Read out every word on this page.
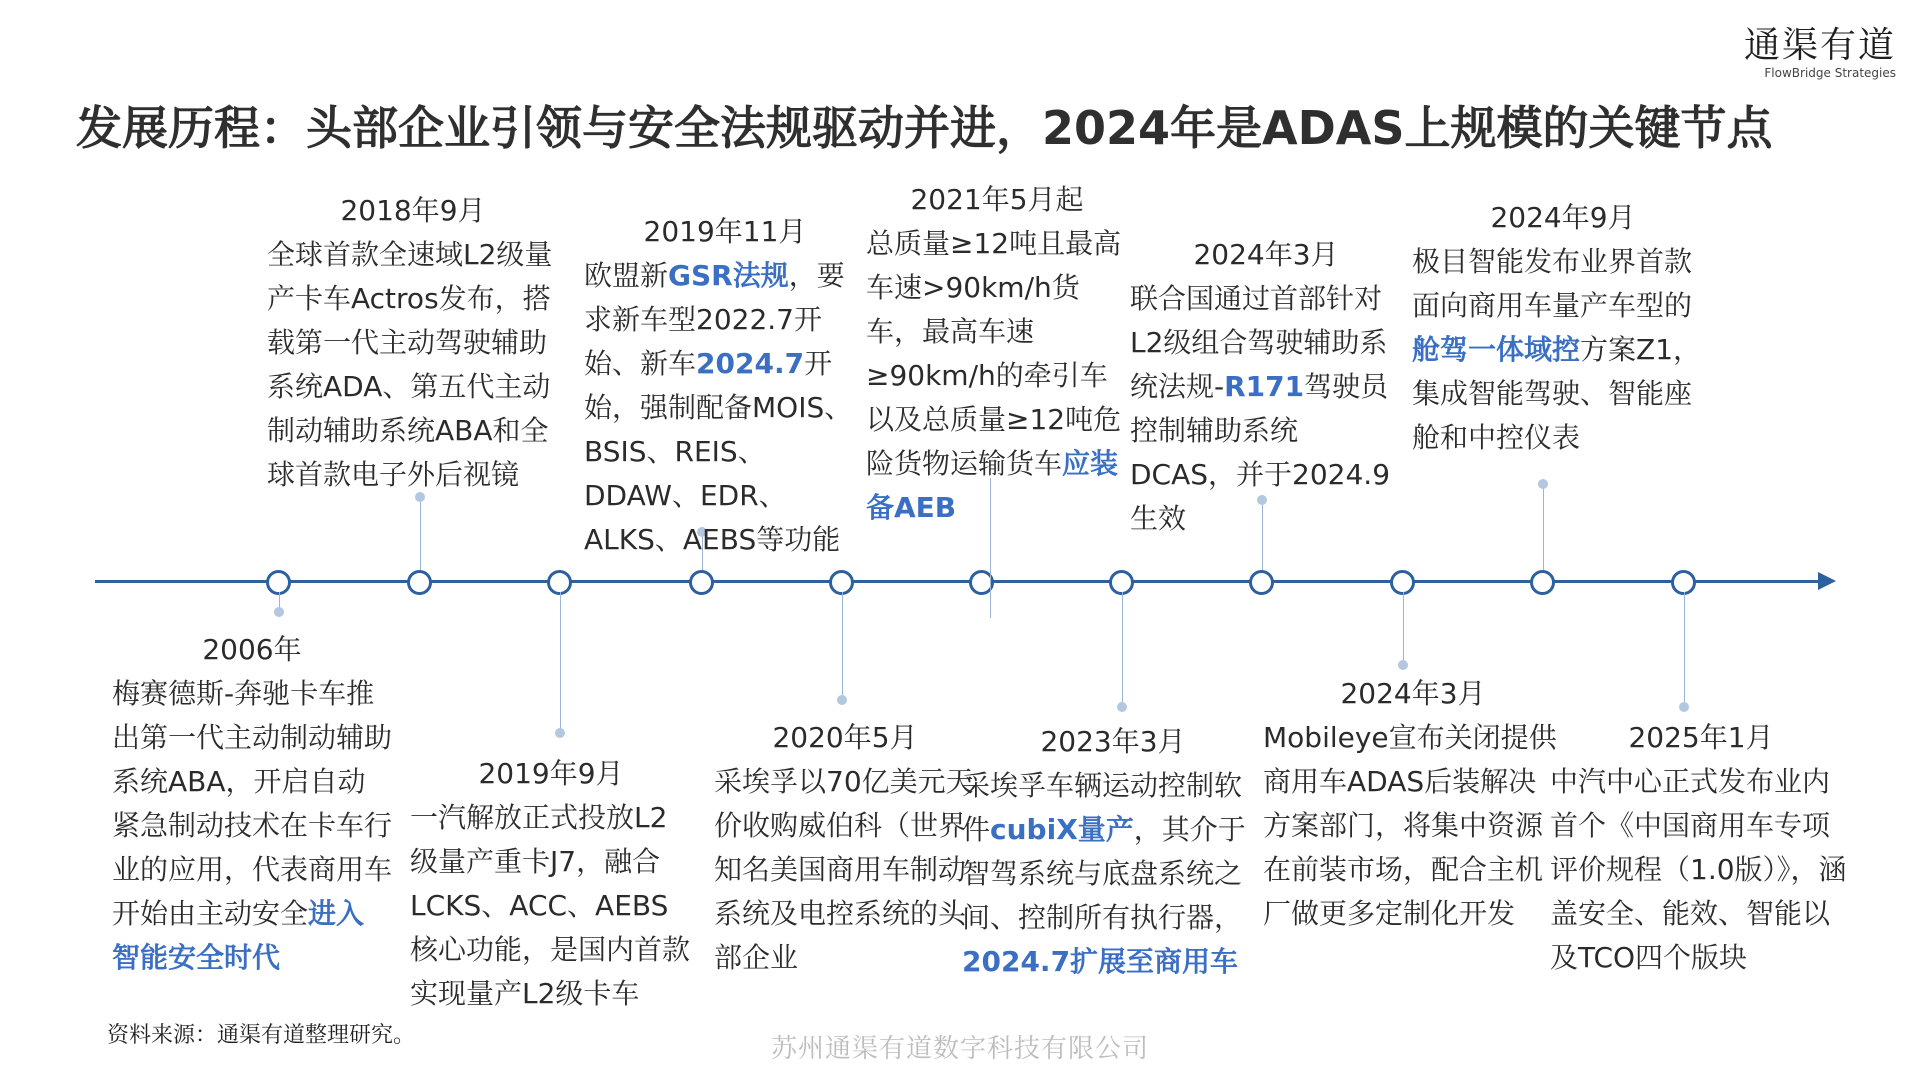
通渠有道
FlowBridge Strategies
发展历程：头部企业引领与安全法规驱动并进，2024年是ADAS上规模的关键节点
2006年
梅赛德斯-奔驰卡车推出第一代主动制动辅助系统ABA，开启自动紧急制动技术在卡车行业的应用，代表商用车开始由主动安全进入智能安全时代
2018年9月
全球首款全速域L2级量产卡车Actros发布，搭载第一代主动驾驶辅助系统ADA、第五代主动制动辅助系统ABA和全球首款电子外后视镜
2019年9月
一汽解放正式投放L2级量产重卡J7，融合LCKS、ACC、AEBS核心功能，是国内首款实现量产L2级卡车
2019年11月
欧盟新GSR法规，要求新车型2022.7开始、新车2024.7开始，强制配备MOIS、BSIS、REIS、DDAW、EDR、ALKS、AEBS等功能
2020年5月
采埃孚以70亿美元天价收购威伯科（世界知名美国商用车制动系统及电控系统的头部企业
2021年5月起
总质量≥12吨且最高车速>90km/h货车，最高车速≥90km/h的牵引车以及总质量≥12吨危险货物运输货车应装备AEB
2023年3月
采埃孚车辆运动控制软件cubiX量产，其介于智驾系统与底盘系统之间、控制所有执行器，2024.7扩展至商用车
2024年3月
联合国通过首部针对L2级组合驾驶辅助系统法规-R171驾驶员控制辅助系统DCAS，并于2024.9生效
2024年3月
Mobileye宣布关闭提供商用车ADAS后装解决方案部门，将集中资源在前装市场，配合主机厂做更多定制化开发
2024年9月
极目智能发布业界首款面向商用车量产车型的舱驾一体域控方案Z1，集成智能驾驶、智能座舱和中控仪表
2025年1月
中汽中心正式发布业内首个《中国商用车专项评价规程（1.0版）》，涵盖安全、能效、智能以及TCO四个版块
资料来源：通渠有道整理研究。	苏州通渠有道数字科技有限公司
